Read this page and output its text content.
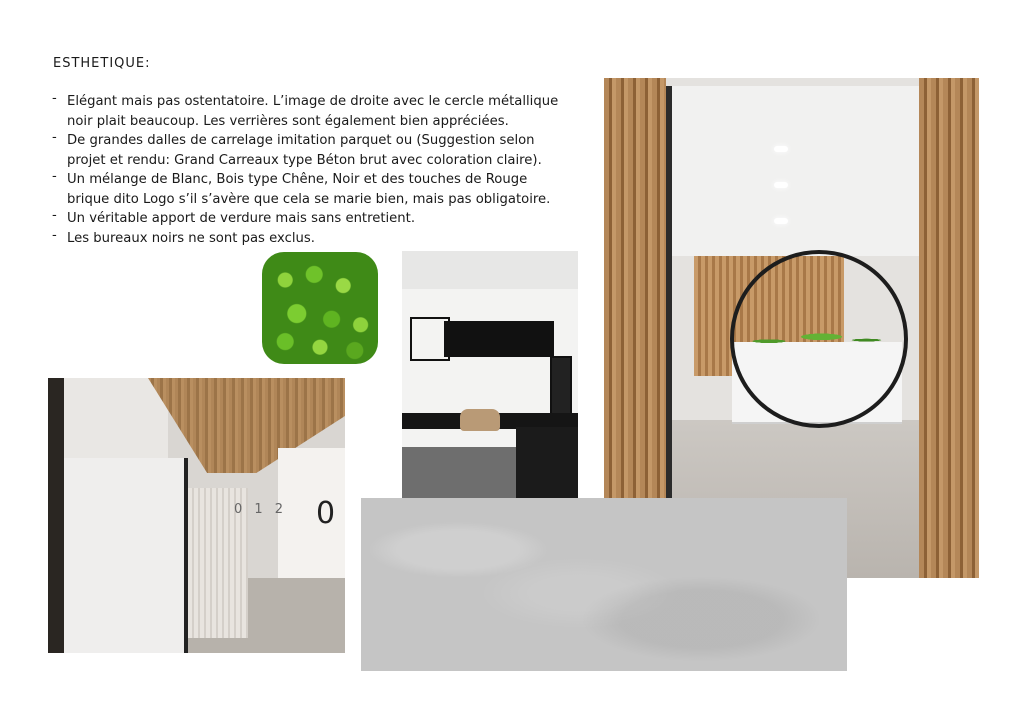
ESTHETIQUE:
- Elégant mais pas ostentatoire. L’image de droite avec le cercle métallique noir plait beaucoup. Les verrières sont également bien appréciées.
- De grandes dalles de carrelage imitation parquet ou (Suggestion selon projet et rendu: Grand Carreaux type Béton brut avec coloration claire).
- Un mélange de Blanc, Bois type Chêne, Noir et des touches de Rouge brique dito Logo s’il s’avère que cela se marie bien, mais pas obligatoire.
- Un véritable apport de verdure mais sans entretient.
- Les bureaux noirs ne sont pas exclus.
0 1 2 0
